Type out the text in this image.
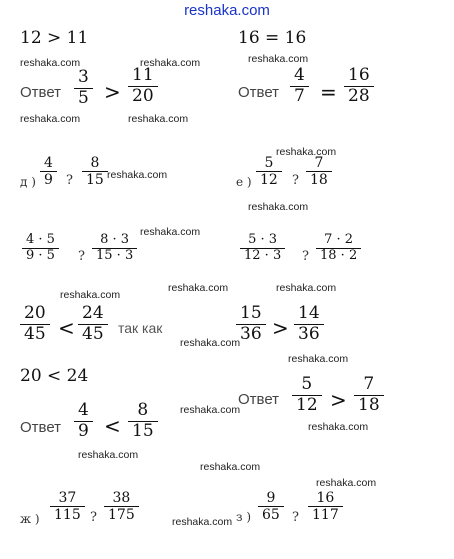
reshaka.com
12 > 11	16 = 16
reshaka.com	reshaka.com	reshaka.com
Ответ
3
5 >
11
20	Ответ
4
7 =
16
28
reshaka.com	reshaka.com
reshaka.com
д )
4
9	?
8
15 reshaka.com	е )
5
12	?
7
18
reshaka.com
reshaka.com
4 · 5
9 · 5	?
8 · 3
15 · 3
5 · 3
12 · 3	?
7 · 2
18 · 2
reshaka.com	reshaka.com
reshaka.com
20
45 <
24
45 так как
reshaka.com
15
36 >
14
36
reshaka.com
20 < 24
Ответ
4
9 <
8
15
reshaka.com
reshaka.com
Ответ
5
12 >
7
18
reshaka.com
reshaka.com
reshaka.com
ж )
37
115 ?
38
175	reshaka.com з )
9
65 ?
16
117
